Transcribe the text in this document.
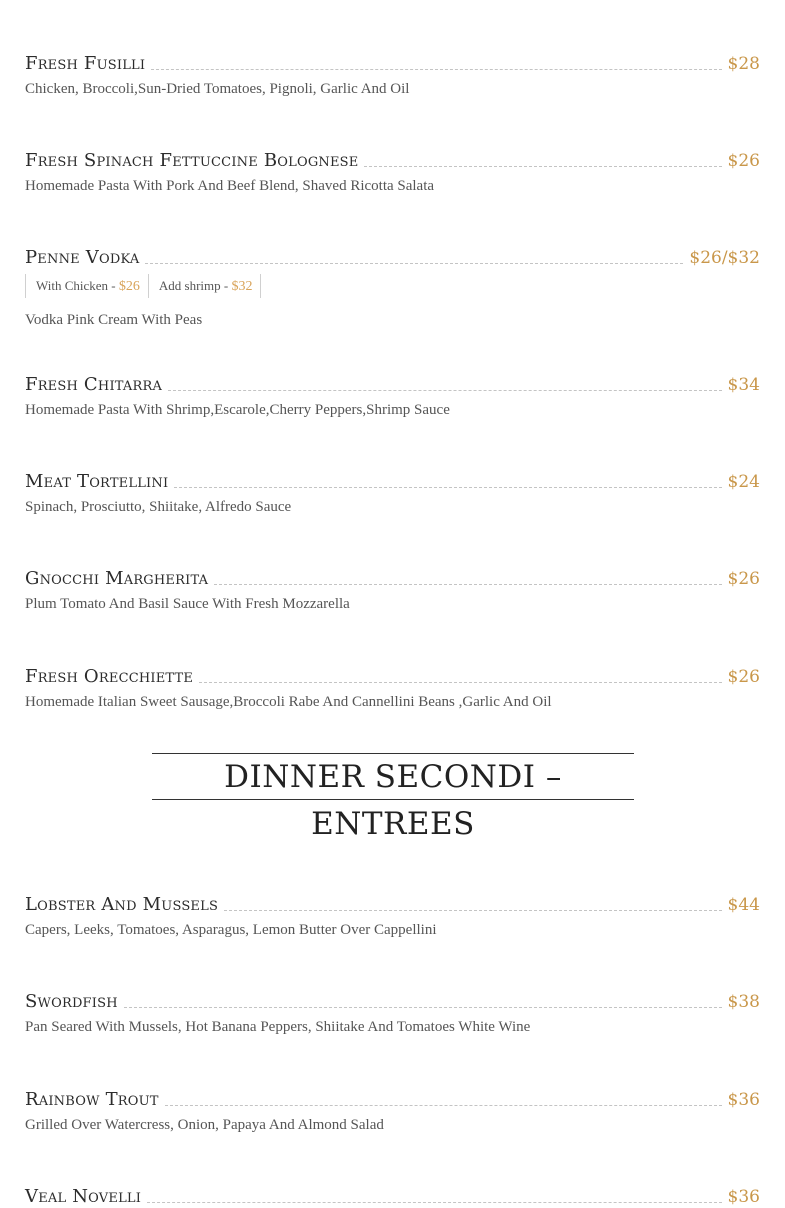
Fresh Fusilli	$28
Chicken, Broccoli,Sun-Dried Tomatoes, Pignoli, Garlic And Oil
Fresh Spinach Fettuccine Bolognese	$26
Homemade Pasta With Pork And Beef Blend, Shaved Ricotta Salata
Penne Vodka	$26/$32
With Chicken - $26	Add shrimp - $32
Vodka Pink Cream With Peas
Fresh Chitarra	$34
Homemade Pasta With Shrimp,Escarole,Cherry Peppers,Shrimp Sauce
Meat Tortellini	$24
Spinach, Prosciutto, Shiitake, Alfredo Sauce
Gnocchi Margherita	$26
Plum Tomato And Basil Sauce With Fresh Mozzarella
Fresh Orecchiette	$26
Homemade Italian Sweet Sausage,Broccoli Rabe And Cannellini Beans ,Garlic And Oil
DINNER SECONDI – ENTREES
Lobster And Mussels	$44
Capers, Leeks, Tomatoes, Asparagus, Lemon Butter Over Cappellini
Swordfish	$38
Pan Seared With Mussels, Hot Banana Peppers, Shiitake And Tomatoes White Wine
Rainbow Trout	$36
Grilled Over Watercress, Onion, Papaya And Almond Salad
Veal Novelli	$36
